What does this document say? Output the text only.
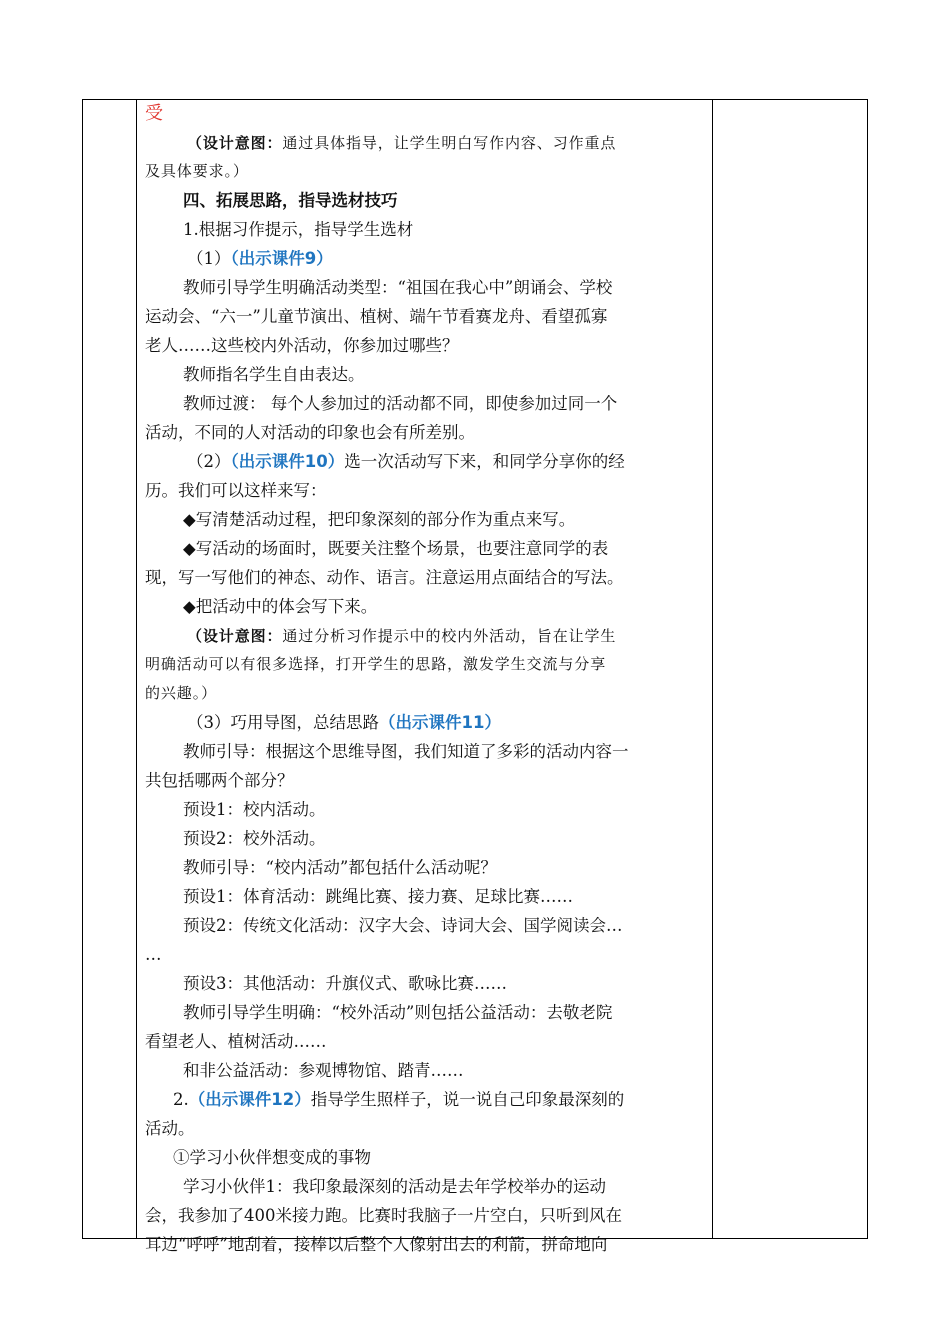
受
（设计意图：通过具体指导，让学生明白写作内容、习作重点
及具体要求。）
四、拓展思路，指导选材技巧
1.根据习作提示，指导学生选材
（1）（出示课件9）
教师引导学生明确活动类型：“祖国在我心中”朗诵会、学校
运动会、“六一”儿童节演出、植树、端午节看赛龙舟、看望孤寡
老人……这些校内外活动，你参加过哪些？
教师指名学生自由表达。
教师过渡： 每个人参加过的活动都不同，即使参加过同一个
活动，不同的人对活动的印象也会有所差别。
（2）（出示课件10）选一次活动写下来，和同学分享你的经
历。我们可以这样来写：
◆写清楚活动过程，把印象深刻的部分作为重点来写。
◆写活动的场面时，既要关注整个场景，也要注意同学的表
现，写一写他们的神态、动作、语言。注意运用点面结合的写法。
◆把活动中的体会写下来。
（设计意图：通过分析习作提示中的校内外活动，旨在让学生
明确活动可以有很多选择，打开学生的思路，激发学生交流与分享
的兴趣。）
（3）巧用导图，总结思路（出示课件11）
教师引导：根据这个思维导图，我们知道了多彩的活动内容一
共包括哪两个部分？
预设1：校内活动。
预设2：校外活动。
教师引导：“校内活动”都包括什么活动呢？
预设1：体育活动：跳绳比赛、接力赛、足球比赛……
预设2：传统文化活动：汉字大会、诗词大会、国学阅读会…
…
预设3：其他活动：升旗仪式、歌咏比赛……
教师引导学生明确：“校外活动”则包括公益活动：去敬老院
看望老人、植树活动……
和非公益活动：参观博物馆、踏青……
2.（出示课件12）指导学生照样子，说一说自己印象最深刻的
活动。
①学习小伙伴想变成的事物
学习小伙伴1：我印象最深刻的活动是去年学校举办的运动
会，我参加了400米接力跑。比赛时我脑子一片空白，只听到风在
耳边“呼呼”地刮着，接棒以后整个人像射出去的利箭，拼命地向
